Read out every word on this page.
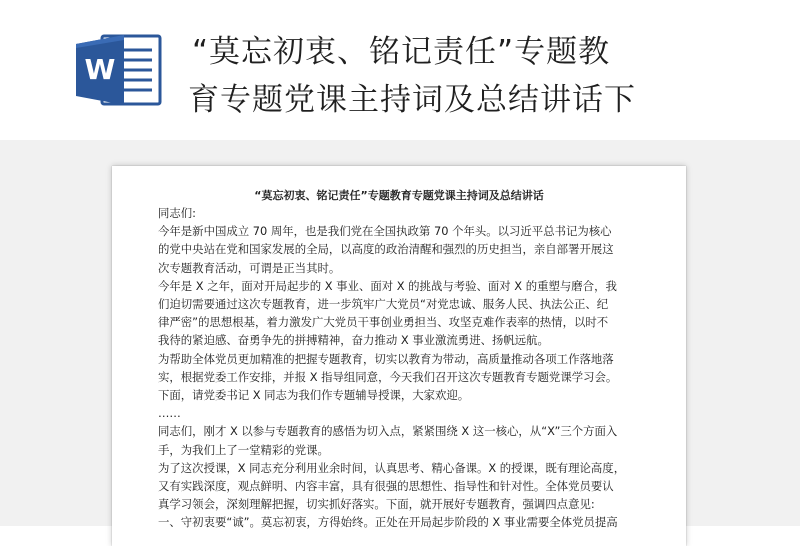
W “莫忘初衷、铭记责任”专题教
育专题党课主持词及总结讲话下
“莫忘初衷、铭记责任”专题教育专题党课主持词及总结讲话

同志们:

今年是新中国成立 70 周年，也是我们党在全国执政第 70 个年头。以习近平总书记为核心

的党中央站在党和国家发展的全局，以高度的政治清醒和强烈的历史担当，亲自部署开展这

次专题教育活动，可谓是正当其时。

今年是 X 之年，面对开局起步的 X 事业、面对 X 的挑战与考验、面对 X 的重塑与磨合，我

们迫切需要通过这次专题教育，进一步筑牢广大党员“对党忠诚、服务人民、执法公正、纪

律严密”的思想根基，着力激发广大党员干事创业勇担当、攻坚克难作表率的热情，以时不

我待的紧迫感、奋勇争先的拼搏精神，奋力推动 X 事业激流勇进、扬帆远航。

为帮助全体党员更加精准的把握专题教育，切实以教育为带动，高质量推动各项工作落地落

实，根据党委工作安排，并报 X 指导组同意，今天我们召开这次专题教育专题党课学习会。

下面，请党委书记 X 同志为我们作专题辅导授课，大家欢迎。

……

同志们，刚才 X 以参与专题教育的感悟为切入点，紧紧围绕 X 这一核心，从“X”三个方面入

手，为我们上了一堂精彩的党课。

为了这次授课，X 同志充分利用业余时间，认真思考、精心备课。X 的授课，既有理论高度，

又有实践深度，观点鲜明、内容丰富，具有很强的思想性、指导性和针对性。全体党员要认

真学习领会，深刻理解把握，切实抓好落实。下面，就开展好专题教育，强调四点意见:

一、守初衷要“诚”。莫忘初衷，方得始终。正处在开局起步阶段的 X 事业需要全体党员提高
